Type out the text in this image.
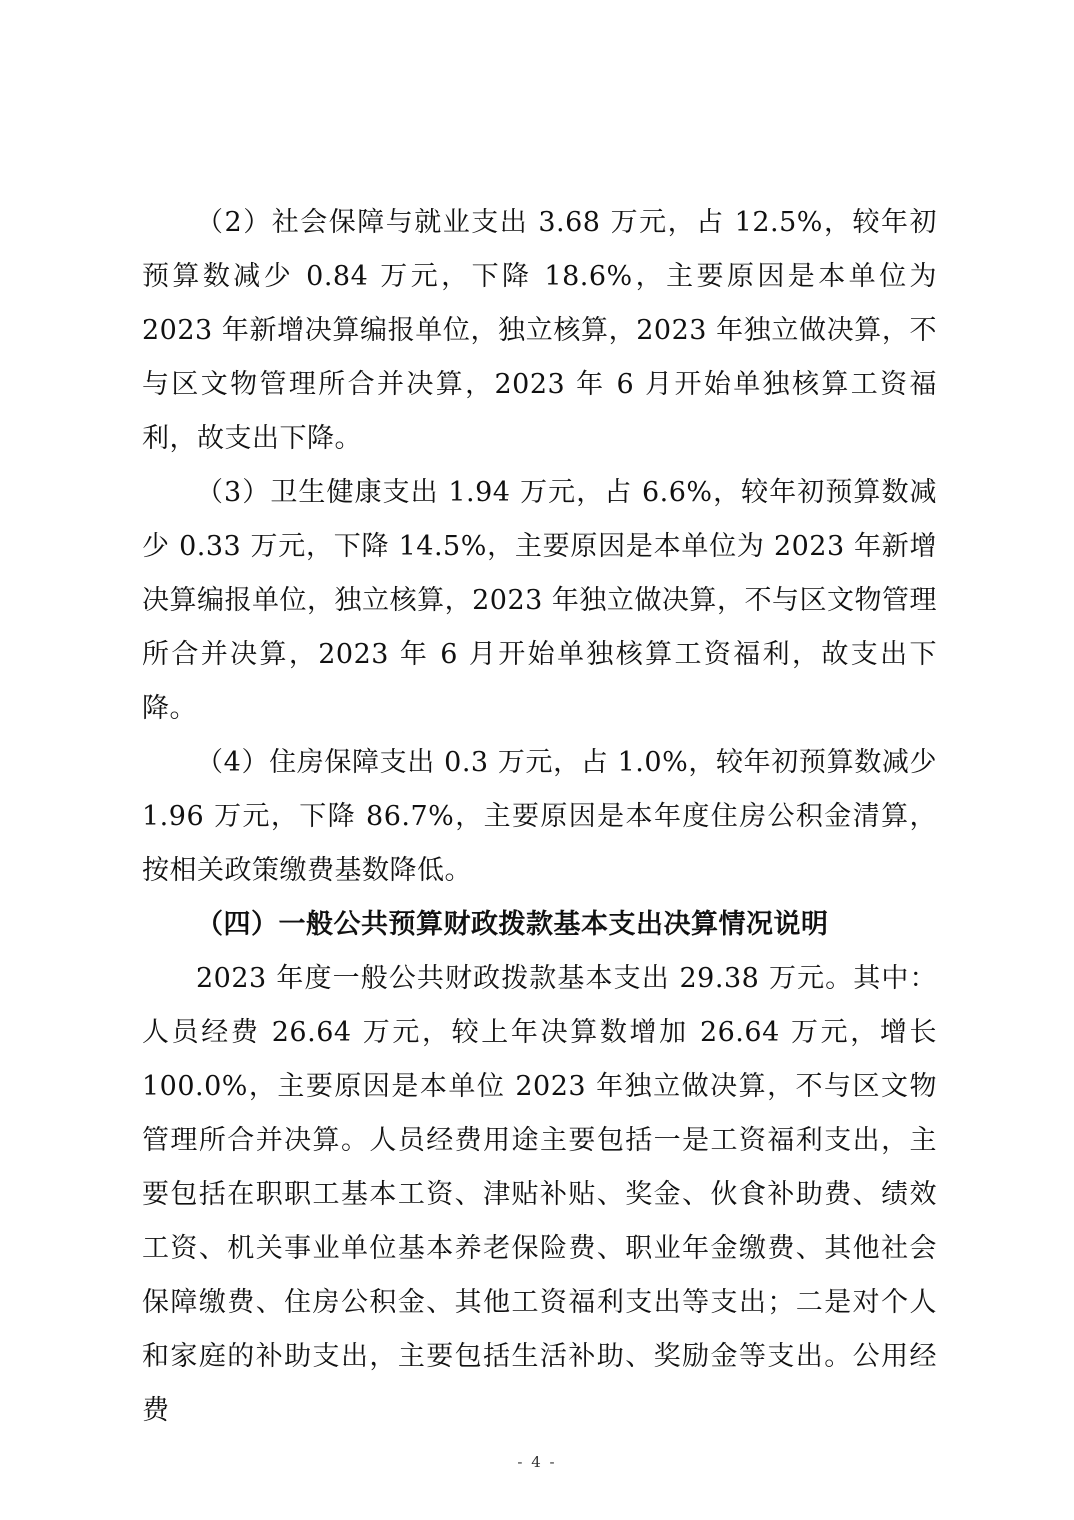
（2）社会保障与就业支出 3.68 万元，占 12.5%，较年初预算数减少 0.84 万元，下降 18.6%，主要原因是本单位为 2023 年新增决算编报单位，独立核算，2023 年独立做决算，不与区文物管理所合并决算，2023 年 6 月开始单独核算工资福利，故支出下降。

（3）卫生健康支出 1.94 万元，占 6.6%，较年初预算数减少 0.33 万元，下降 14.5%，主要原因是本单位为 2023 年新增决算编报单位，独立核算，2023 年独立做决算，不与区文物管理所合并决算，2023 年 6 月开始单独核算工资福利，故支出下降。

（4）住房保障支出 0.3 万元，占 1.0%，较年初预算数减少 1.96 万元，下降 86.7%，主要原因是本年度住房公积金清算，按相关政策缴费基数降低。

（四）一般公共预算财政拨款基本支出决算情况说明

2023 年度一般公共财政拨款基本支出 29.38 万元。其中：人员经费 26.64 万元，较上年决算数增加 26.64 万元，增长 100.0%，主要原因是本单位 2023 年独立做决算，不与区文物管理所合并决算。人员经费用途主要包括一是工资福利支出，主要包括在职职工基本工资、津贴补贴、奖金、伙食补助费、绩效工资、机关事业单位基本养老保险费、职业年金缴费、其他社会保障缴费、住房公积金、其他工资福利支出等支出；二是对个人和家庭的补助支出，主要包括生活补助、奖励金等支出。公用经费

- 4 -
